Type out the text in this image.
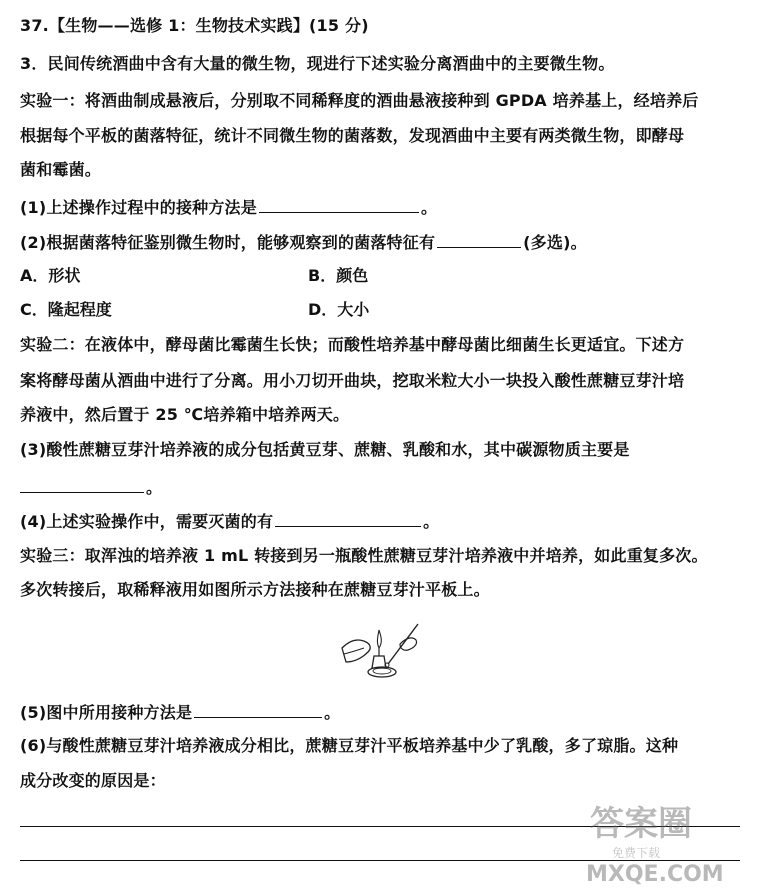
37.【生物——选修 1：生物技术实践】(15 分)
3．民间传统酒曲中含有大量的微生物，现进行下述实验分离酒曲中的主要微生物。
实验一：将酒曲制成悬液后，分别取不同稀释度的酒曲悬液接种到 GPDA 培养基上，经培养后
根据每个平板的菌落特征，统计不同微生物的菌落数，发现酒曲中主要有两类微生物，即酵母
菌和霉菌。
(1)上述操作过程中的接种方法是	。
(2)根据菌落特征鉴别微生物时，能够观察到的菌落特征有	(多选)。
A．形状	B．颜色
C．隆起程度	D．大小
实验二：在液体中，酵母菌比霉菌生长快；而酸性培养基中酵母菌比细菌生长更适宜。下述方
案将酵母菌从酒曲中进行了分离。用小刀切开曲块，挖取米粒大小一块投入酸性蔗糖豆芽汁培
养液中，然后置于 25 ℃培养箱中培养两天。
(3)酸性蔗糖豆芽汁培养液的成分包括黄豆芽、蔗糖、乳酸和水，其中碳源物质主要是
。
(4)上述实验操作中，需要灭菌的有	。
实验三：取浑浊的培养液 1 mL 转接到另一瓶酸性蔗糖豆芽汁培养液中并培养，如此重复多次。
多次转接后，取稀释液用如图所示方法接种在蔗糖豆芽汁平板上。
(5)图中所用接种方法是	。
(6)与酸性蔗糖豆芽汁培养液成分相比，蔗糖豆芽汁平板培养基中少了乳酸，多了琼脂。这种
成分改变的原因是：
答案圈
免费下载
MXQE.COM
